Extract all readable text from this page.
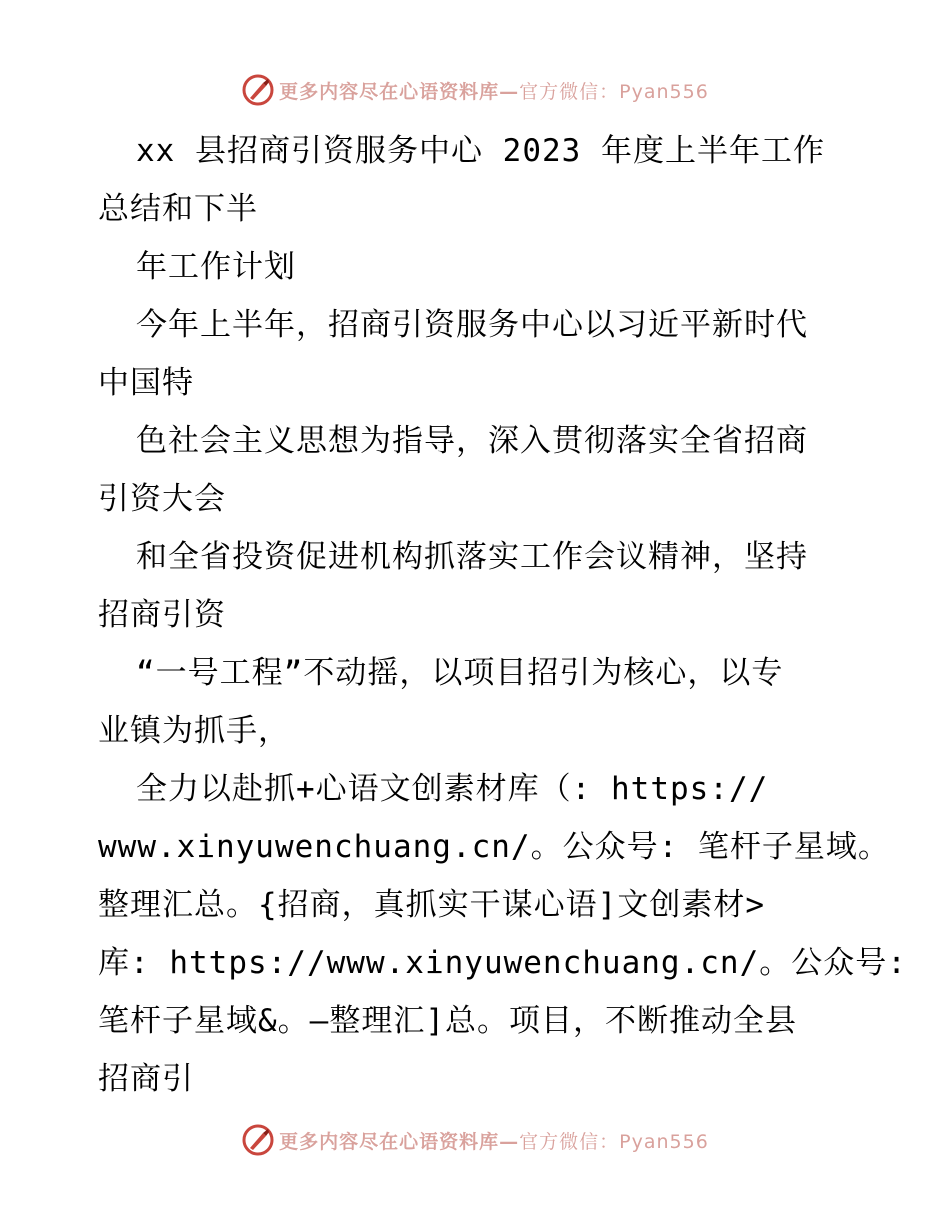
更多内容尽在心语资料库—官方微信：Pyan556
xx 县招商引资服务中心 2023 年度上半年工作
总结和下半
年工作计划
今年上半年，招商引资服务中心以习近平新时代
中国特
色社会主义思想为指导，深入贯彻落实全省招商
引资大会
和全省投资促进机构抓落实工作会议精神，坚持
招商引资
“一号工程”不动摇，以项目招引为核心，以专
业镇为抓手，
全力以赴抓+心语文创素材库（: https://
www.xinyuwenchuang.cn/。公众号: 笔杆子星域。
整理汇总。{招商，真抓实干谋心语]文创素材>
库: https://www.xinyuwenchuang.cn/。公众号:
笔杆子星域&。—整理汇]总。项目，不断推动全县
招商引
更多内容尽在心语资料库—官方微信：Pyan556
